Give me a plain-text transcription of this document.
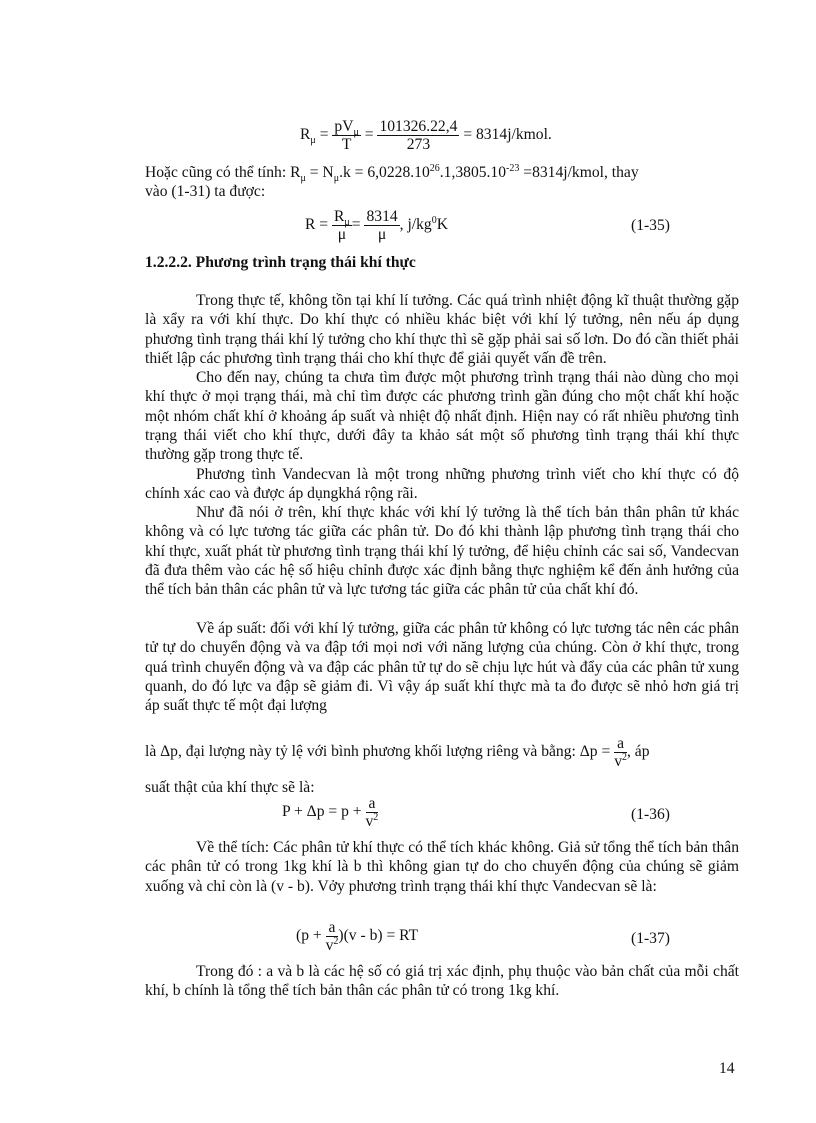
$R_\mu = pV_\mu$
T
= $\frac{101326.22,4}{273}$ = 8314j/kmol.
Hoặc cũng có thể tính: $R_\mu = N_\mu.k = 6,0228.10^{26}.1,3805.10^{-23}$ =8314j/kmol, thay
vào (1-31) ta được:
$R = \frac{R_\mu}{\mu} = \frac{8314}{\mu}$ , $j/kg^0K$	(1-35)
1.2.2.2. Phương trình trạng thái khí thực

Trong thực tế, không tồn tại khí lí tưởng. Các quá trình nhiệt động kĩ thuật thường gặp là xẩy ra với khí thực. Do khí thực có nhiều khác biệt với khí lý tưởng, nên nếu áp dụng phương tình trạng thái khí lý tưởng cho khí thực thì sẽ gặp phải sai số lơn. Do đó cần thiết phải thiết lập các phương tình trạng thái cho khí thực để giải quyết vấn đề trên.

Cho đến nay, chúng ta chưa tìm được một phương trình trạng thái nào dùng cho mọi khí thực ở mọi trạng thái, mà chỉ tìm được các phương trình gần đúng cho một chất khí hoặc một nhóm chất khí ở khoảng áp suất và nhiệt độ nhất định. Hiện nay có rất nhiều phương tình trạng thái viết cho khí thực, dưới đây ta khảo sát một số phương tình trạng thái khí thực thường gặp trong thực tế.

Phương tình Vandecvan là một trong những phương trình viết cho khí thực có độ chính xác cao và được áp dụngkhá rộng rãi.

Như đã nói ở trên, khí thực khác với khí lý tưởng là thể tích bản thân phân tử khác không và có lực tương tác giữa các phân tử. Do đó khi thành lập phương tình trạng thái cho khí thực, xuất phát từ phương tình trạng thái khí lý tưởng, để hiệu chỉnh các sai số, Vandecvan đã đưa thêm vào các hệ số hiệu chỉnh được xác định bằng thực nghiệm kể đến ảnh hưởng của thể tích bản thân các phân tử và lực tương tác giữa các phân tử của chất khí đó.

Về áp suất: đối với khí lý tưởng, giữa các phân tử không có lực tương tác nên các phân tử tự do chuyển động và va đập tới mọi nơi với năng lượng của chúng. Còn ở khí thực, trong quá trình chuyển động và va đập các phân tử tự do sẽ chịu lực hút và đẩy của các phân tử xung quanh, do đó lực va đập sẽ giảm đi. Vì vậy áp suất khí thực mà ta đo được sẽ nhỏ hơn giá trị áp suất thực tế một đại lượng

là Δp, đại lượng này tỷ lệ với bình phương khối lượng riêng và bằng: $\Delta p = \frac{a}{v^2}$ , áp
suất thật của khí thực sẽ là:
$P + \Delta p = p + \frac{a}{v^2}$	(1-36)

Về thể tích: Các phân tử khí thực có thể tích khác không. Giả sử tổng thể tích bản thân các phân tử có trong 1kg khí là b thì không gian tự do cho chuyển động của chúng sẽ giảm xuống và chỉ còn là (v - b). Vởy phương trình trạng thái khí thực Vandecvan sẽ là:

$(p + \frac{a}{v^2} )(v - b)$ = RT	(1-37)

Trong đó : a và b là các hệ số có giá trị xác định, phụ thuộc vào bản chất của mỗi chất khí, b chính là tổng thể tích bản thân các phân tử có trong 1kg khí.

14
